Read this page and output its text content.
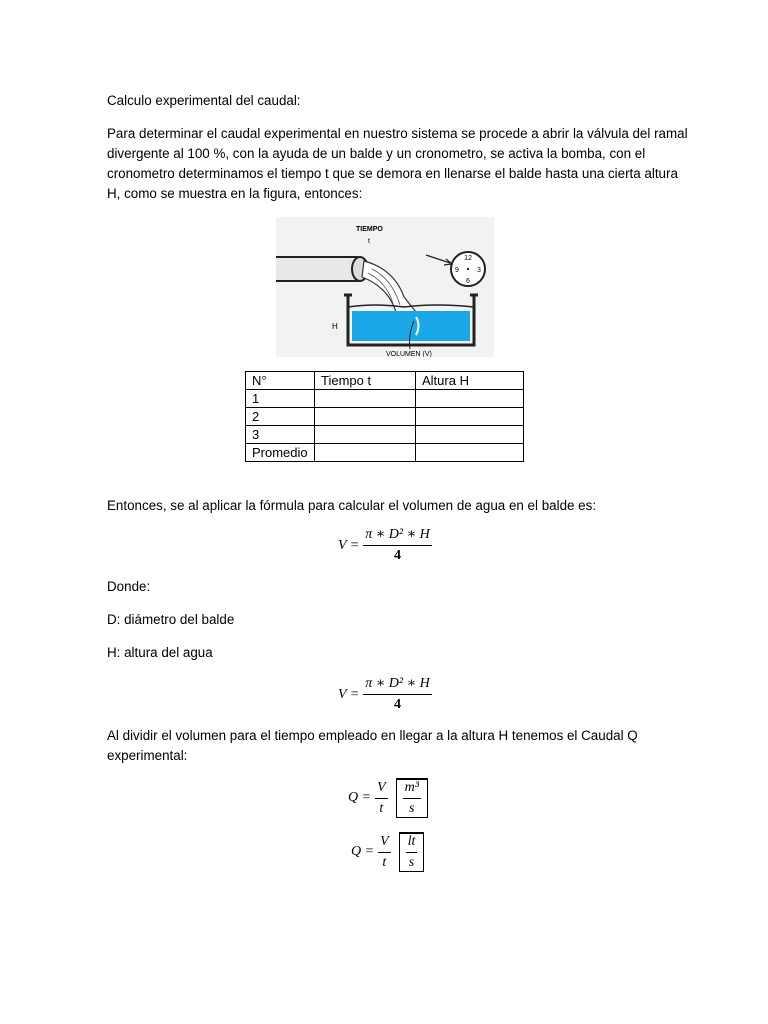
Calculo experimental del caudal:
Para determinar el caudal experimental en nuestro sistema se procede a abrir la válvula del ramal
divergente al 100 %, con la ayuda de un balde y un cronometro, se activa la bomba, con el
cronometro determinamos el tiempo t que se demora en llenarse el balde hasta una cierta altura
H, como se muestra en la figura, entonces:
12
3
6
9
TIEMPO
t
H
VOLUMEN (V)
N°	Tiempo t	Altura H
1		
2		
3		
Promedio		
Entonces, se al aplicar la fórmula para calcular el volumen de agua en el balde es:
$V = \frac{\text{π ∗ D² ∗ H}}{4}$
Donde:
D: diámetro del balde
H: altura del agua
$V = \frac{\text{π ∗ D² ∗ H}}{4}$
Al dividir el volumen para el tiempo empleado en llegar a la altura H tenemos el Caudal Q
experimental:
$Q = \frac{V}{t} \frac{\text{m³}}{s}$
$Q = \frac{V}{t} \frac{lt}{s}$
